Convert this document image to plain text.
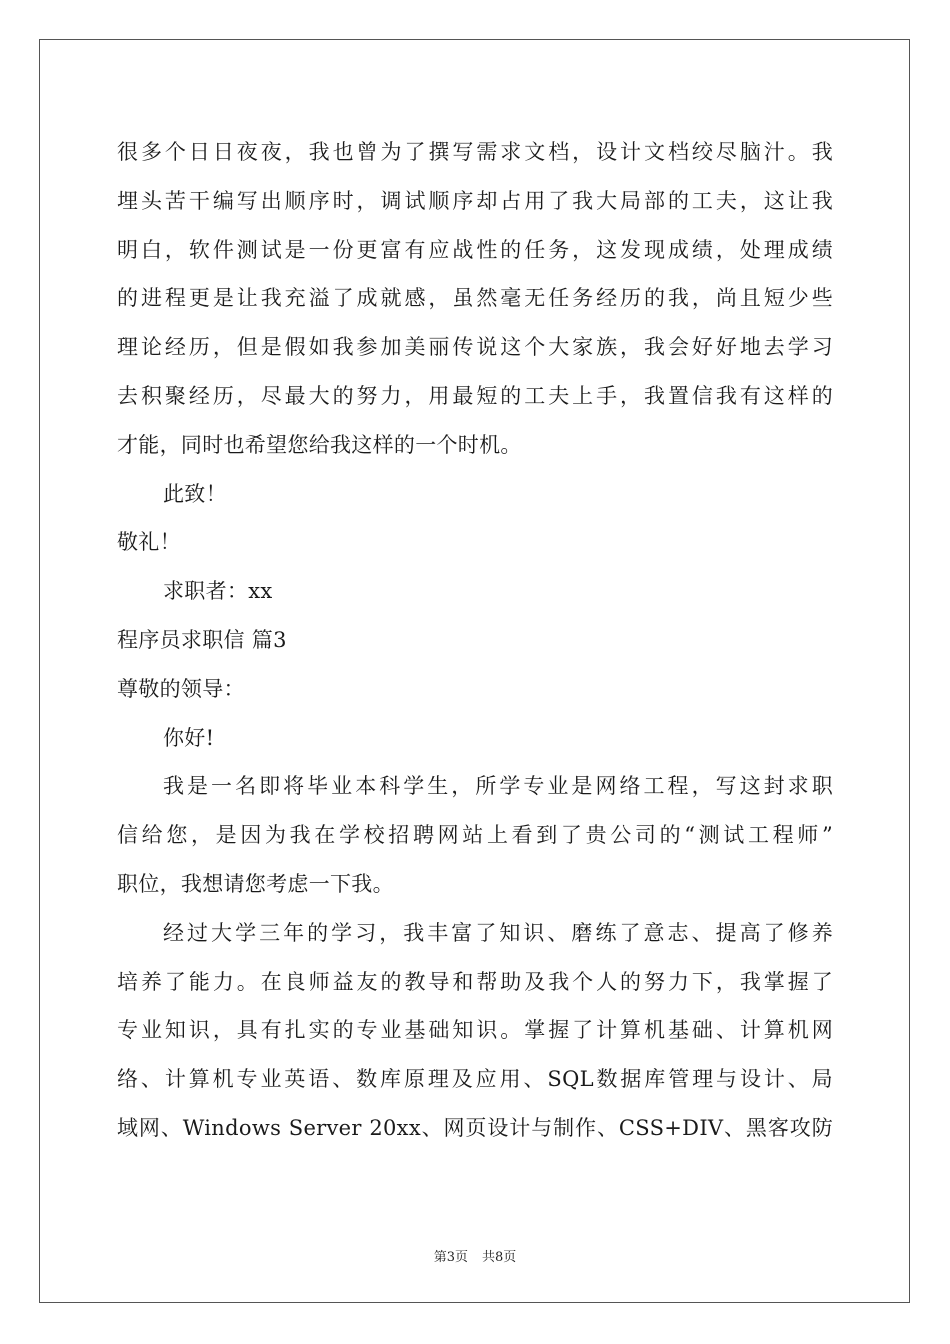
很多个日日夜夜，我也曾为了撰写需求文档，设计文档绞尽脑汁。我
埋头苦干编写出顺序时，调试顺序却占用了我大局部的工夫，这让我
明白，软件测试是一份更富有应战性的任务，这发现成绩，处理成绩
的进程更是让我充溢了成就感，虽然毫无任务经历的我，尚且短少些
理论经历，但是假如我参加美丽传说这个大家族，我会好好地去学习
去积聚经历，尽最大的努力，用最短的工夫上手，我置信我有这样的
才能，同时也希望您给我这样的一个时机。
此致！
敬礼！
求职者：xx
程序员求职信 篇3
尊敬的领导：
你好!
我是一名即将毕业本科学生，所学专业是网络工程，写这封求职
信给您，是因为我在学校招聘网站上看到了贵公司的“测试工程师”
职位，我想请您考虑一下我。
经过大学三年的学习，我丰富了知识、磨练了意志、提高了修养
培养了能力。在良师益友的教导和帮助及我个人的努力下，我掌握了
专业知识，具有扎实的专业基础知识。掌握了计算机基础、计算机网
络、计算机专业英语、数库原理及应用、SQL数据库管理与设计、局
域网、Windows Server 20xx、网页设计与制作、CSS+DIV、黑客攻防
第3页 共8页
